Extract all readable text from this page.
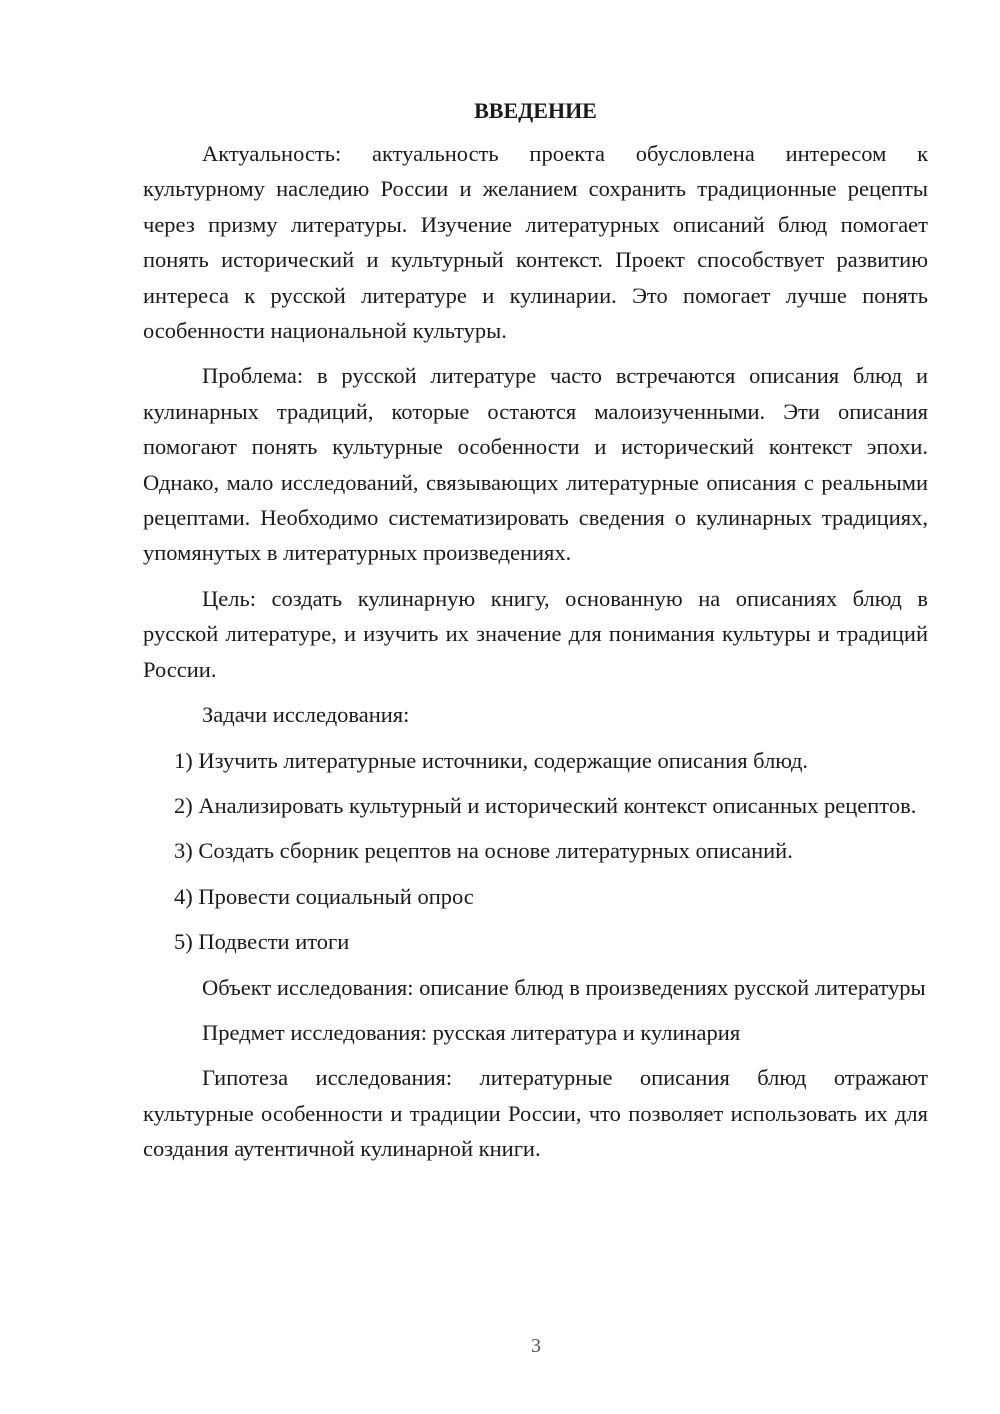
ВВЕДЕНИЕ

Актуальность: актуальность проекта обусловлена интересом к культурному наследию России и желанием сохранить традиционные рецепты через призму литературы. Изучение литературных описаний блюд помогает понять исторический и культурный контекст. Проект способствует развитию интереса к русской литературе и кулинарии. Это помогает лучше понять особенности национальной культуры.

Проблема: в русской литературе часто встречаются описания блюд и кулинарных традиций, которые остаются малоизученными. Эти описания помогают понять культурные особенности и исторический контекст эпохи. Однако, мало исследований, связывающих литературные описания с реальными рецептами. Необходимо систематизировать сведения о кулинарных традициях, упомянутых в литературных произведениях.

Цель: создать кулинарную книгу, основанную на описаниях блюд в русской литературе, и изучить их значение для понимания культуры и традиций России.

Задачи исследования:

1) Изучить литературные источники, содержащие описания блюд.

2) Анализировать культурный и исторический контекст описанных рецептов.

3) Создать сборник рецептов на основе литературных описаний.

4) Провести социальный опрос

5) Подвести итоги

Объект исследования: описание блюд в произведениях русской литературы

Предмет исследования: русская литература и кулинария

Гипотеза исследования: литературные описания блюд отражают культурные особенности и традиции России, что позволяет использовать их для создания аутентичной кулинарной книги.

3
